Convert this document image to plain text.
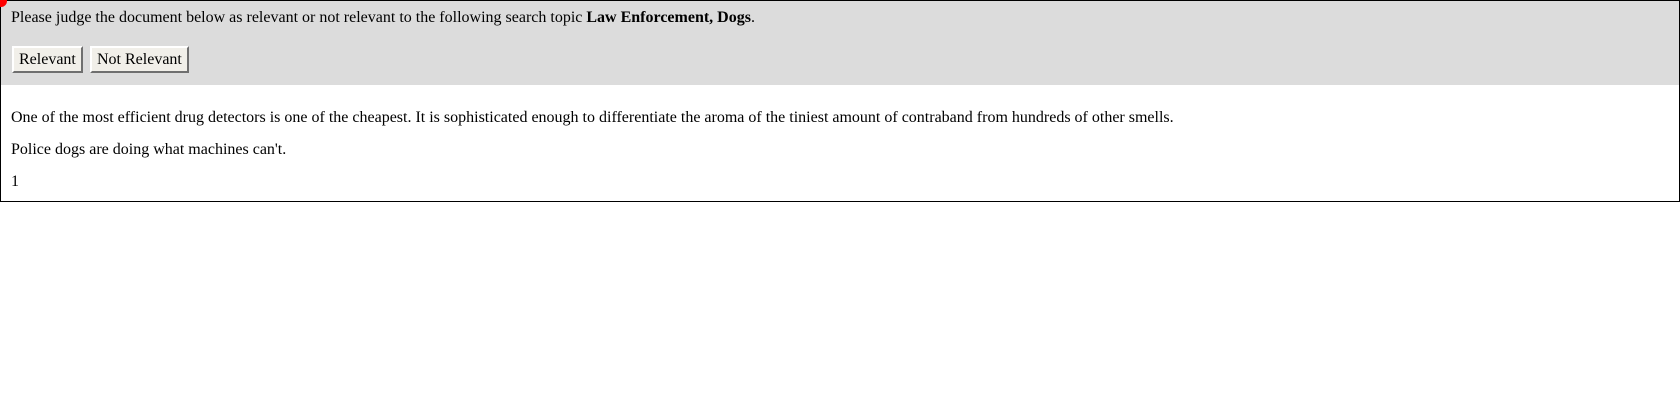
Please judge the document below as relevant or not relevant to the following search topic Law Enforcement, Dogs.
Relevant	Not Relevant
One of the most efficient drug detectors is one of the cheapest. It is sophisticated enough to differentiate the aroma of the tiniest amount of contraband from hundreds of other smells.
Police dogs are doing what machines can't.
1
